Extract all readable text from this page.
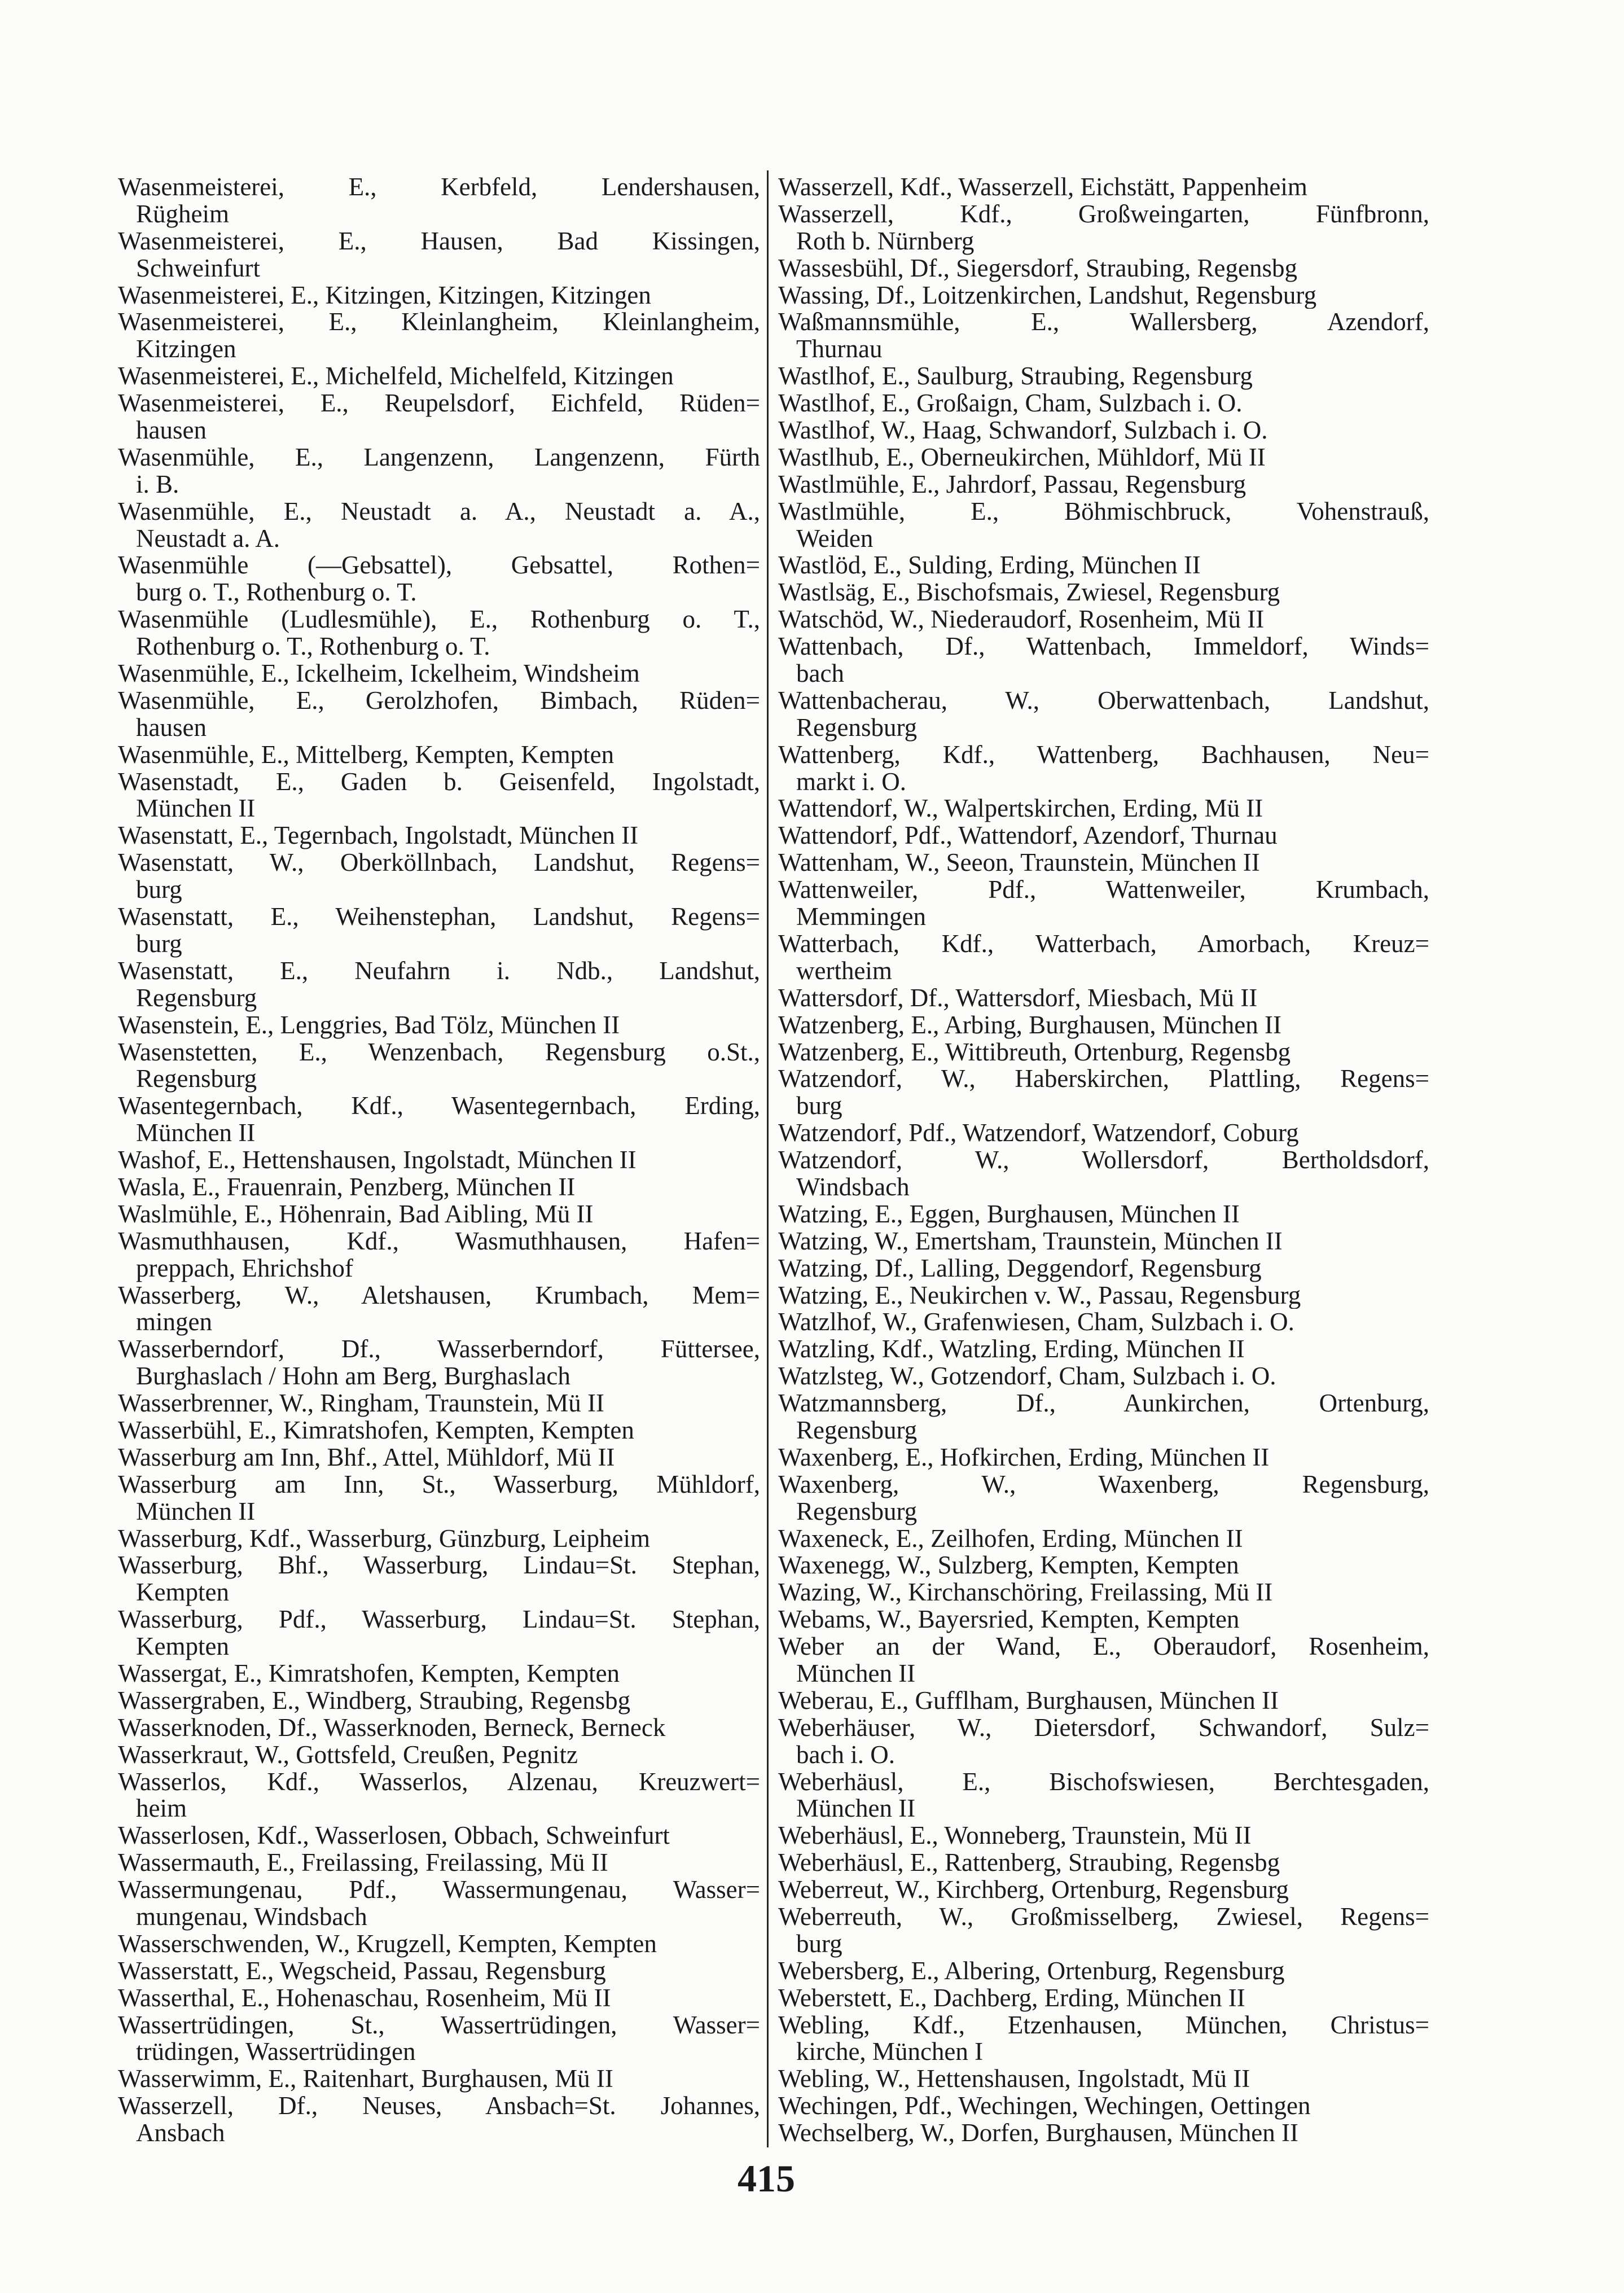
Wasenmeisterei, E., Kerbfeld, Lendershausen,
Rügheim
Wasenmeisterei, E., Hausen, Bad Kissingen,
Schweinfurt
Wasenmeisterei, E., Kitzingen, Kitzingen, Kitzingen
Wasenmeisterei, E., Kleinlangheim, Kleinlangheim,
Kitzingen
Wasenmeisterei, E., Michelfeld, Michelfeld, Kitzingen
Wasenmeisterei, E., Reupelsdorf, Eichfeld, Rüden=
hausen
Wasenmühle, E., Langenzenn, Langenzenn, Fürth
i. B.
Wasenmühle, E., Neustadt a. A., Neustadt a. A.,
Neustadt a. A.
Wasenmühle (—Gebsattel), Gebsattel, Rothen=
burg o. T., Rothenburg o. T.
Wasenmühle (Ludlesmühle), E., Rothenburg o. T.,
Rothenburg o. T., Rothenburg o. T.
Wasenmühle, E., Ickelheim, Ickelheim, Windsheim
Wasenmühle, E., Gerolzhofen, Bimbach, Rüden=
hausen
Wasenmühle, E., Mittelberg, Kempten, Kempten
Wasenstadt, E., Gaden b. Geisenfeld, Ingolstadt,
München II
Wasenstatt, E., Tegernbach, Ingolstadt, München II
Wasenstatt, W., Oberköllnbach, Landshut, Regens=
burg
Wasenstatt, E., Weihenstephan, Landshut, Regens=
burg
Wasenstatt, E., Neufahrn i. Ndb., Landshut,
Regensburg
Wasenstein, E., Lenggries, Bad Tölz, München II
Wasenstetten, E., Wenzenbach, Regensburg o.St.,
Regensburg
Wasentegernbach, Kdf., Wasentegernbach, Erding,
München II
Washof, E., Hettenshausen, Ingolstadt, München II
Wasla, E., Frauenrain, Penzberg, München II
Waslmühle, E., Höhenrain, Bad Aibling, Mü II
Wasmuthhausen, Kdf., Wasmuthhausen, Hafen=
preppach, Ehrichshof
Wasserberg, W., Aletshausen, Krumbach, Mem=
mingen
Wasserberndorf, Df., Wasserberndorf, Füttersee,
Burghaslach / Hohn am Berg, Burghaslach
Wasserbrenner, W., Ringham, Traunstein, Mü II
Wasserbühl, E., Kimratshofen, Kempten, Kempten
Wasserburg am Inn, Bhf., Attel, Mühldorf, Mü II
Wasserburg am Inn, St., Wasserburg, Mühldorf,
München II
Wasserburg, Kdf., Wasserburg, Günzburg, Leipheim
Wasserburg, Bhf., Wasserburg, Lindau=St. Stephan,
Kempten
Wasserburg, Pdf., Wasserburg, Lindau=St. Stephan,
Kempten
Wassergat, E., Kimratshofen, Kempten, Kempten
Wassergraben, E., Windberg, Straubing, Regensbg
Wasserknoden, Df., Wasserknoden, Berneck, Berneck
Wasserkraut, W., Gottsfeld, Creußen, Pegnitz
Wasserlos, Kdf., Wasserlos, Alzenau, Kreuzwert=
heim
Wasserlosen, Kdf., Wasserlosen, Obbach, Schweinfurt
Wassermauth, E., Freilassing, Freilassing, Mü II
Wassermungenau, Pdf., Wassermungenau, Wasser=
mungenau, Windsbach
Wasserschwenden, W., Krugzell, Kempten, Kempten
Wasserstatt, E., Wegscheid, Passau, Regensburg
Wasserthal, E., Hohenaschau, Rosenheim, Mü II
Wassertrüdingen, St., Wassertrüdingen, Wasser=
trüdingen, Wassertrüdingen
Wasserwimm, E., Raitenhart, Burghausen, Mü II
Wasserzell, Df., Neuses, Ansbach=St. Johannes,
Ansbach
Wasserzell, Kdf., Wasserzell, Eichstätt, Pappenheim
Wasserzell, Kdf., Großweingarten, Fünfbronn,
Roth b. Nürnberg
Wassesbühl, Df., Siegersdorf, Straubing, Regensbg
Wassing, Df., Loitzenkirchen, Landshut, Regensburg
Waßmannsmühle, E., Wallersberg, Azendorf,
Thurnau
Wastlhof, E., Saulburg, Straubing, Regensburg
Wastlhof, E., Großaign, Cham, Sulzbach i. O.
Wastlhof, W., Haag, Schwandorf, Sulzbach i. O.
Wastlhub, E., Oberneukirchen, Mühldorf, Mü II
Wastlmühle, E., Jahrdorf, Passau, Regensburg
Wastlmühle, E., Böhmischbruck, Vohenstrauß,
Weiden
Wastlöd, E., Sulding, Erding, München II
Wastlsäg, E., Bischofsmais, Zwiesel, Regensburg
Watschöd, W., Niederaudorf, Rosenheim, Mü II
Wattenbach, Df., Wattenbach, Immeldorf, Winds=
bach
Wattenbacherau, W., Oberwattenbach, Landshut,
Regensburg
Wattenberg, Kdf., Wattenberg, Bachhausen, Neu=
markt i. O.
Wattendorf, W., Walpertskirchen, Erding, Mü II
Wattendorf, Pdf., Wattendorf, Azendorf, Thurnau
Wattenham, W., Seeon, Traunstein, München II
Wattenweiler, Pdf., Wattenweiler, Krumbach,
Memmingen
Watterbach, Kdf., Watterbach, Amorbach, Kreuz=
wertheim
Wattersdorf, Df., Wattersdorf, Miesbach, Mü II
Watzenberg, E., Arbing, Burghausen, München II
Watzenberg, E., Wittibreuth, Ortenburg, Regensbg
Watzendorf, W., Haberskirchen, Plattling, Regens=
burg
Watzendorf, Pdf., Watzendorf, Watzendorf, Coburg
Watzendorf, W., Wollersdorf, Bertholdsdorf,
Windsbach
Watzing, E., Eggen, Burghausen, München II
Watzing, W., Emertsham, Traunstein, München II
Watzing, Df., Lalling, Deggendorf, Regensburg
Watzing, E., Neukirchen v. W., Passau, Regensburg
Watzlhof, W., Grafenwiesen, Cham, Sulzbach i. O.
Watzling, Kdf., Watzling, Erding, München II
Watzlsteg, W., Gotzendorf, Cham, Sulzbach i. O.
Watzmannsberg, Df., Aunkirchen, Ortenburg,
Regensburg
Waxenberg, E., Hofkirchen, Erding, München II
Waxenberg, W., Waxenberg, Regensburg,
Regensburg
Waxeneck, E., Zeilhofen, Erding, München II
Waxenegg, W., Sulzberg, Kempten, Kempten
Wazing, W., Kirchanschöring, Freilassing, Mü II
Webams, W., Bayersried, Kempten, Kempten
Weber an der Wand, E., Oberaudorf, Rosenheim,
München II
Weberau, E., Gufflham, Burghausen, München II
Weberhäuser, W., Dietersdorf, Schwandorf, Sulz=
bach i. O.
Weberhäusl, E., Bischofswiesen, Berchtesgaden,
München II
Weberhäusl, E., Wonneberg, Traunstein, Mü II
Weberhäusl, E., Rattenberg, Straubing, Regensbg
Weberreut, W., Kirchberg, Ortenburg, Regensburg
Weberreuth, W., Großmisselberg, Zwiesel, Regens=
burg
Webersberg, E., Albering, Ortenburg, Regensburg
Weberstett, E., Dachberg, Erding, München II
Webling, Kdf., Etzenhausen, München, Christus=
kirche, München I
Webling, W., Hettenshausen, Ingolstadt, Mü II
Wechingen, Pdf., Wechingen, Wechingen, Oettingen
Wechselberg, W., Dorfen, Burghausen, München II
415
